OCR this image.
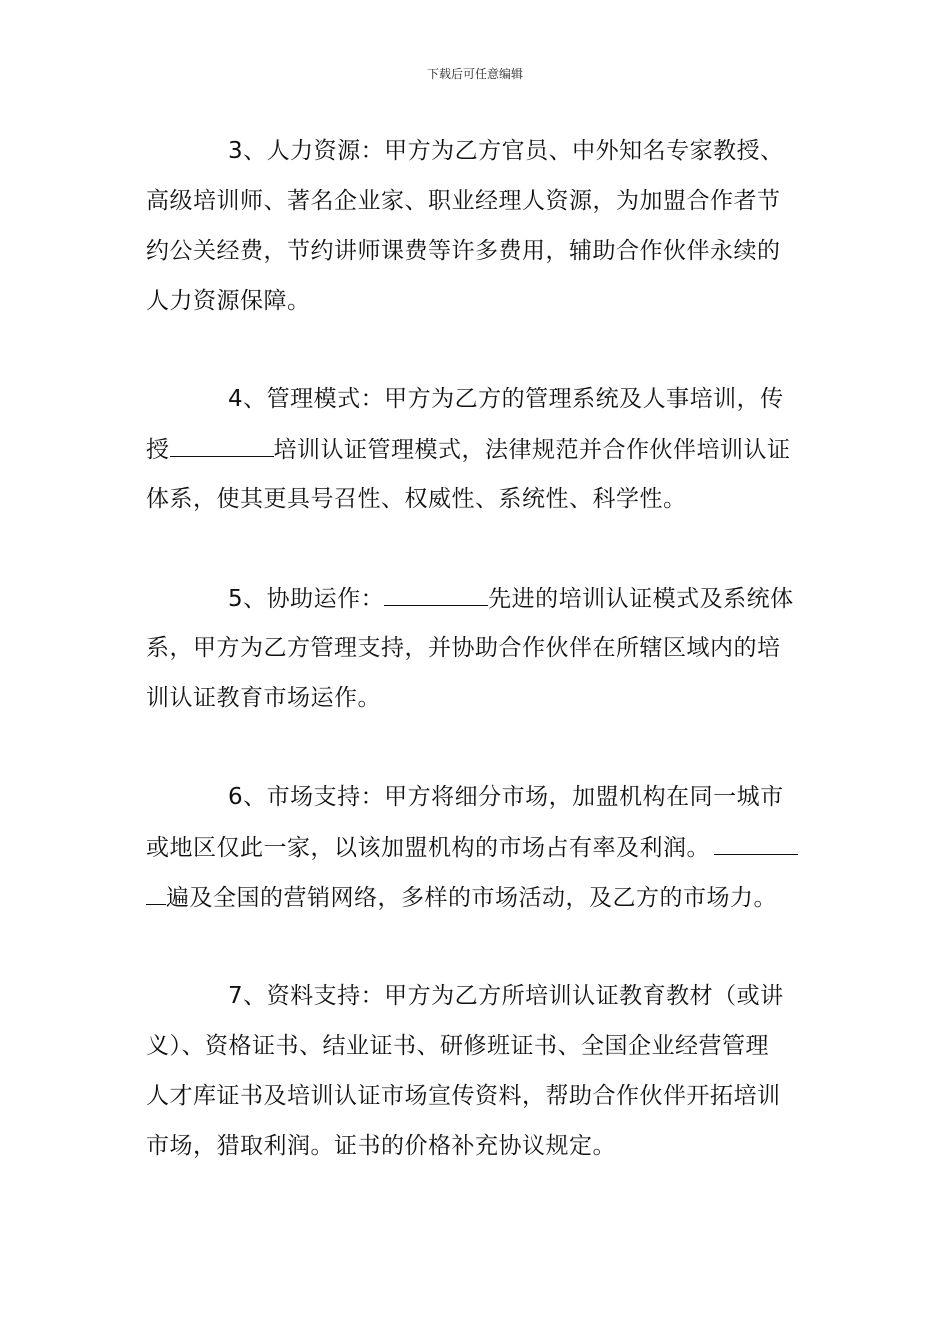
下载后可任意编辑
3、人力资源：甲方为乙方官员、中外知名专家教授、
高级培训师、著名企业家、职业经理人资源，为加盟合作者节
约公关经费，节约讲师课费等许多费用，辅助合作伙伴永续的
人力资源保障。
4、管理模式：甲方为乙方的管理系统及人事培训，传
授	培训认证管理模式，法律规范并合作伙伴培训认证
体系，使其更具号召性、权威性、系统性、科学性。
5、协助运作：	先进的培训认证模式及系统体
系，甲方为乙方管理支持，并协助合作伙伴在所辖区域内的培
训认证教育市场运作。
6、市场支持：甲方将细分市场，加盟机构在同一城市
或地区仅此一家，以该加盟机构的市场占有率及利润。
遍及全国的营销网络，多样的市场活动，及乙方的市场力。
7、资料支持：甲方为乙方所培训认证教育教材（或讲
义）、资格证书、结业证书、研修班证书、全国企业经营管理
人才库证书及培训认证市场宣传资料，帮助合作伙伴开拓培训
市场，猎取利润。证书的价格补充协议规定。
